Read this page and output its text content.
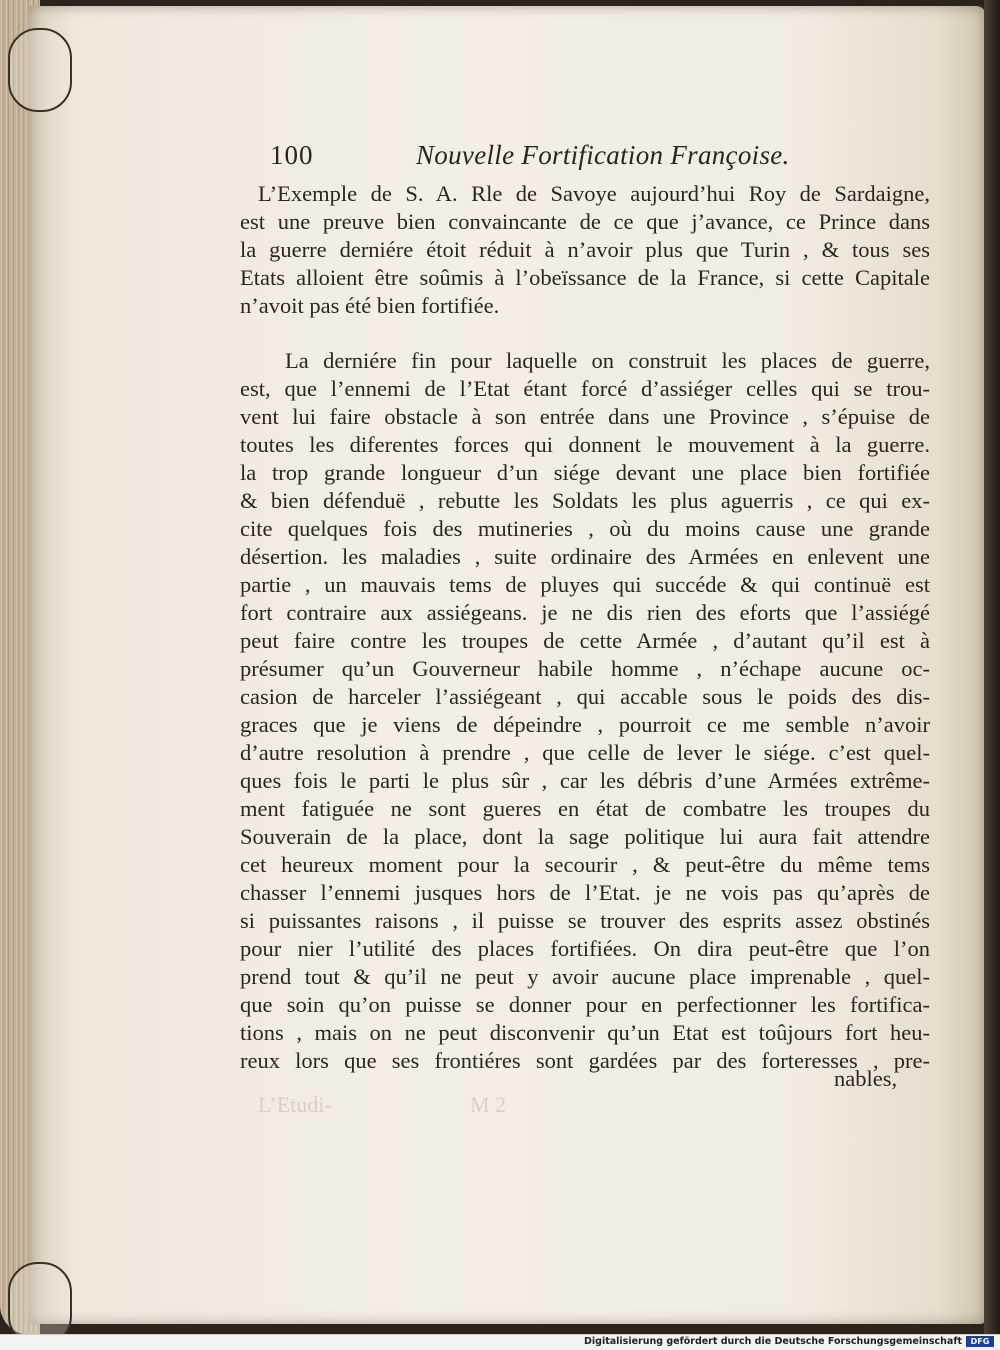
100	Nouvelle Fortification Françoise.
L’Exemple de S. A. Rle de Savoye aujourd’hui Roy de Sardaigne,
est une preuve bien convaincante de ce que j’avance, ce Prince dans
la guerre derniére étoit réduit à n’avoir plus que Turin , & tous ses
Etats alloient être soûmis à l’obeïssance de la France, si cette Capitale
n’avoit pas été bien fortifiée.
La derniére fin pour laquelle on construit les places de guerre,
est, que l’ennemi de l’Etat étant forcé d’assiéger celles qui se trou-
vent lui faire obstacle à son entrée dans une Province , s’épuise de
toutes les diferentes forces qui donnent le mouvement à la guerre.
la trop grande longueur d’un siége devant une place bien fortifiée
& bien défenduë , rebutte les Soldats les plus aguerris , ce qui ex-
cite quelques fois des mutineries , où du moins cause une grande
désertion. les maladies , suite ordinaire des Armées en enlevent une
partie , un mauvais tems de pluyes qui succéde & qui continuë est
fort contraire aux assiégeans. je ne dis rien des eforts que l’assiégé
peut faire contre les troupes de cette Armée , d’autant qu’il est à
présumer qu’un Gouverneur habile homme , n’échape aucune oc-
casion de harceler l’assiégeant , qui accable sous le poids des dis-
graces que je viens de dépeindre , pourroit ce me semble n’avoir
d’autre resolution à prendre , que celle de lever le siége. c’est quel-
ques fois le parti le plus sûr , car les débris d’une Armées extrême-
ment fatiguée ne sont gueres en état de combatre les troupes du
Souverain de la place, dont la sage politique lui aura fait attendre
cet heureux moment pour la secourir , & peut-être du même tems
chasser l’ennemi jusques hors de l’Etat. je ne vois pas qu’après de
si puissantes raisons , il puisse se trouver des esprits assez obstinés
pour nier l’utilité des places fortifiées. On dira peut-être que l’on
prend tout & qu’il ne peut y avoir aucune place imprenable , quel-
que soin qu’on puisse se donner pour en perfectionner les fortifica-
tions , mais on ne peut disconvenir qu’un Etat est toûjours fort heu-
reux lors que ses frontiéres sont gardées par des forteresses , pre-
nables,
L’Etudi-	M 2
Digitalisierung gefördert durch die Deutsche Forschungsgemeinschaft	DFG
